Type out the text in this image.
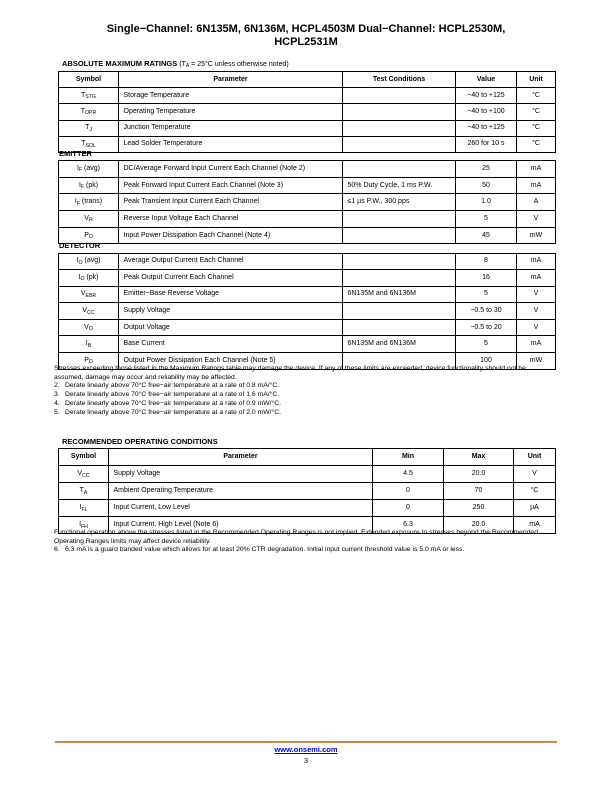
Single−Channel: 6N135M, 6N136M, HCPL4503M Dual−Channel: HCPL2530M,
HCPL2531M
ABSOLUTE MAXIMUM RATINGS ($T_A = 25^\circ C$ unless otherwise noted)
Symbol	Parameter	Test Conditions	Value	Unit
$T_{STG}$	Storage Temperature		−40 to +125	°C
$T_{OPR}$	Operating Temperature		−40 to +100	°C
$T_J$	Junction Temperature		−40 to +125	°C
$T_{SOL}$	Lead Solder Temperature		260 for 10 s	°C
EMITTER
$I_F$ (avg)	DC/Average Forward Input Current Each Channel (Note 2)		25	mA
$I_F$ (pk)	Peak Forward Input Current Each Channel (Note 3)	50% Duty Cycle, 1 ms P.W.	50	mA
$I_F$ (trans)	Peak Transient Input Current Each Channel	≤1 µs P.W., 300 pps	1.0	A
$V_R$	Reverse Input Voltage Each Channel		5	V
$P_D$	Input Power Dissipation Each Channel (Note 4)		45	mW
DETECTOR
$I_O$ (avg)	Average Output Current Each Channel		8	mA
$I_O$ (pk)	Peak Output Current Each Channel		16	mA
$V_{EBR}$	Emitter−Base Reverse Voltage	6N135M and 6N136M	5	V
$V_{CC}$	Supply Voltage		−0.5 to 30	V
$V_O$	Output Voltage		−0.5 to 20	V
$I_B$	Base Current	6N135M and 6N136M	5	mA
$P_D$	Output Power Dissipation Each Channel (Note 5)		100	mW
Stresses exceeding those listed in the Maximum Ratings table may damage the device. If any of these limits are exceeded, device functionality should not be assumed, damage may occur and reliability may be affected.
2. Derate linearly above 70°C free−air temperature at a rate of 0.8 mA/°C.
3. Derate linearly above 70°C free−air temperature at a rate of 1.6 mA/°C.
4. Derate linearly above 70°C free−air temperature at a rate of 0.9 mW/°C.
5. Derate linearly above 70°C free−air temperature at a rate of 2.0 mW/°C.
RECOMMENDED OPERATING CONDITIONS
Symbol	Parameter	Min	Max	Unit
$V_{CC}$	Supply Voltage	4.5	20.0	V
$T_A$	Ambient Operating Temperature	0	70	°C
$I_{FL}$	Input Current, Low Level	0	250	µA
$I_{FH}$	Input Current, High Level (Note 6)	6.3	20.0	mA
Functional operation above the stresses listed in the Recommended Operating Ranges is not implied. Extended exposure to stresses beyond the Recommended Operating Ranges limits may affect device reliability.
6. 6.3 mA is a guard banded value which allows for at least 20% CTR degradation. Initial input current threshold value is 5.0 mA or less.
www.onsemi.com
3
